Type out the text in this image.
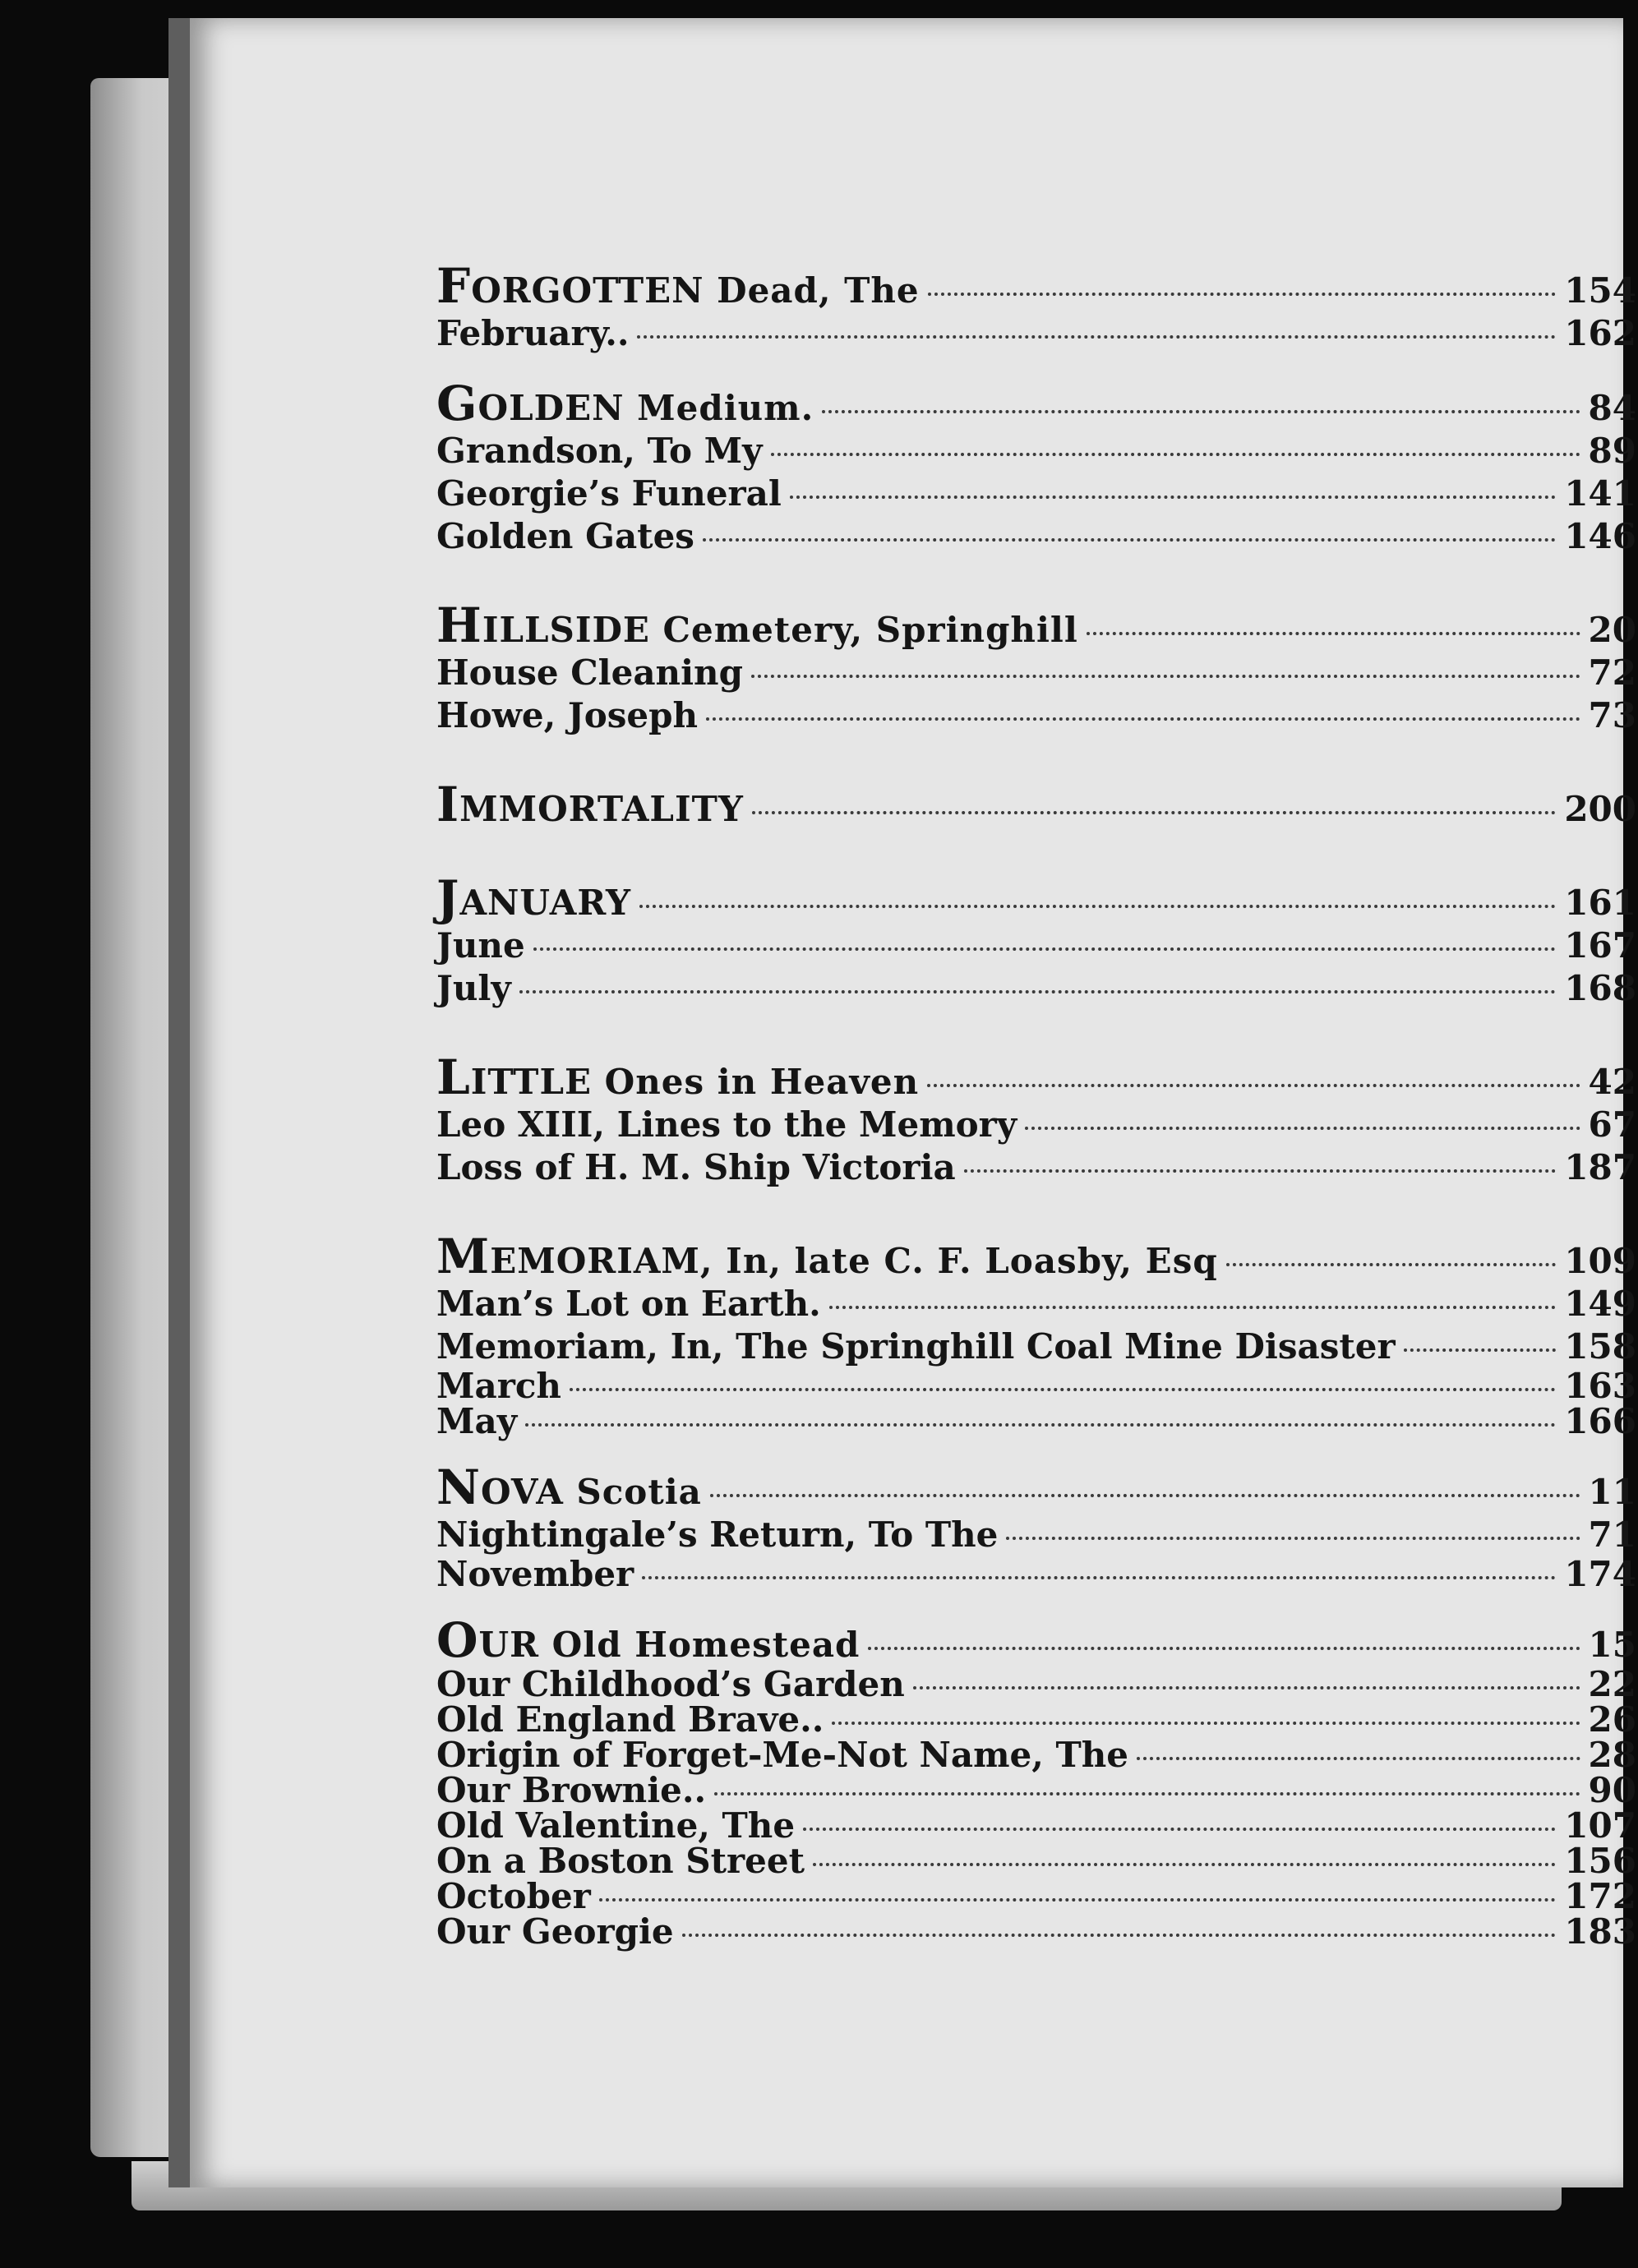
FORGOTTEN Dead, The	154
February..	162
GOLDEN Medium.	84
Grandson, To My	89
Georgie’s Funeral	141
Golden Gates	146
HILLSIDE Cemetery, Springhill	20
House Cleaning	72
Howe, Joseph	73
IMMORTALITY	200
JANUARY	161
June	167
July	168
LITTLE Ones in Heaven	42
Leo XIII, Lines to the Memory	67
Loss of H. M. Ship Victoria	187
MEMORIAM, In, late C. F. Loasby, Esq	109
Man’s Lot on Earth.	149
Memoriam, In, The Springhill Coal Mine Disaster	158
March	163
May	166
NOVA Scotia	11
Nightingale’s Return, To The	71
November	174
OUR Old Homestead	15
Our Childhood’s Garden	22
Old England Brave..	26
Origin of Forget-Me-Not Name, The	28
Our Brownie..	90
Old Valentine, The	107
On a Boston Street	156
October	172
Our Georgie	183
